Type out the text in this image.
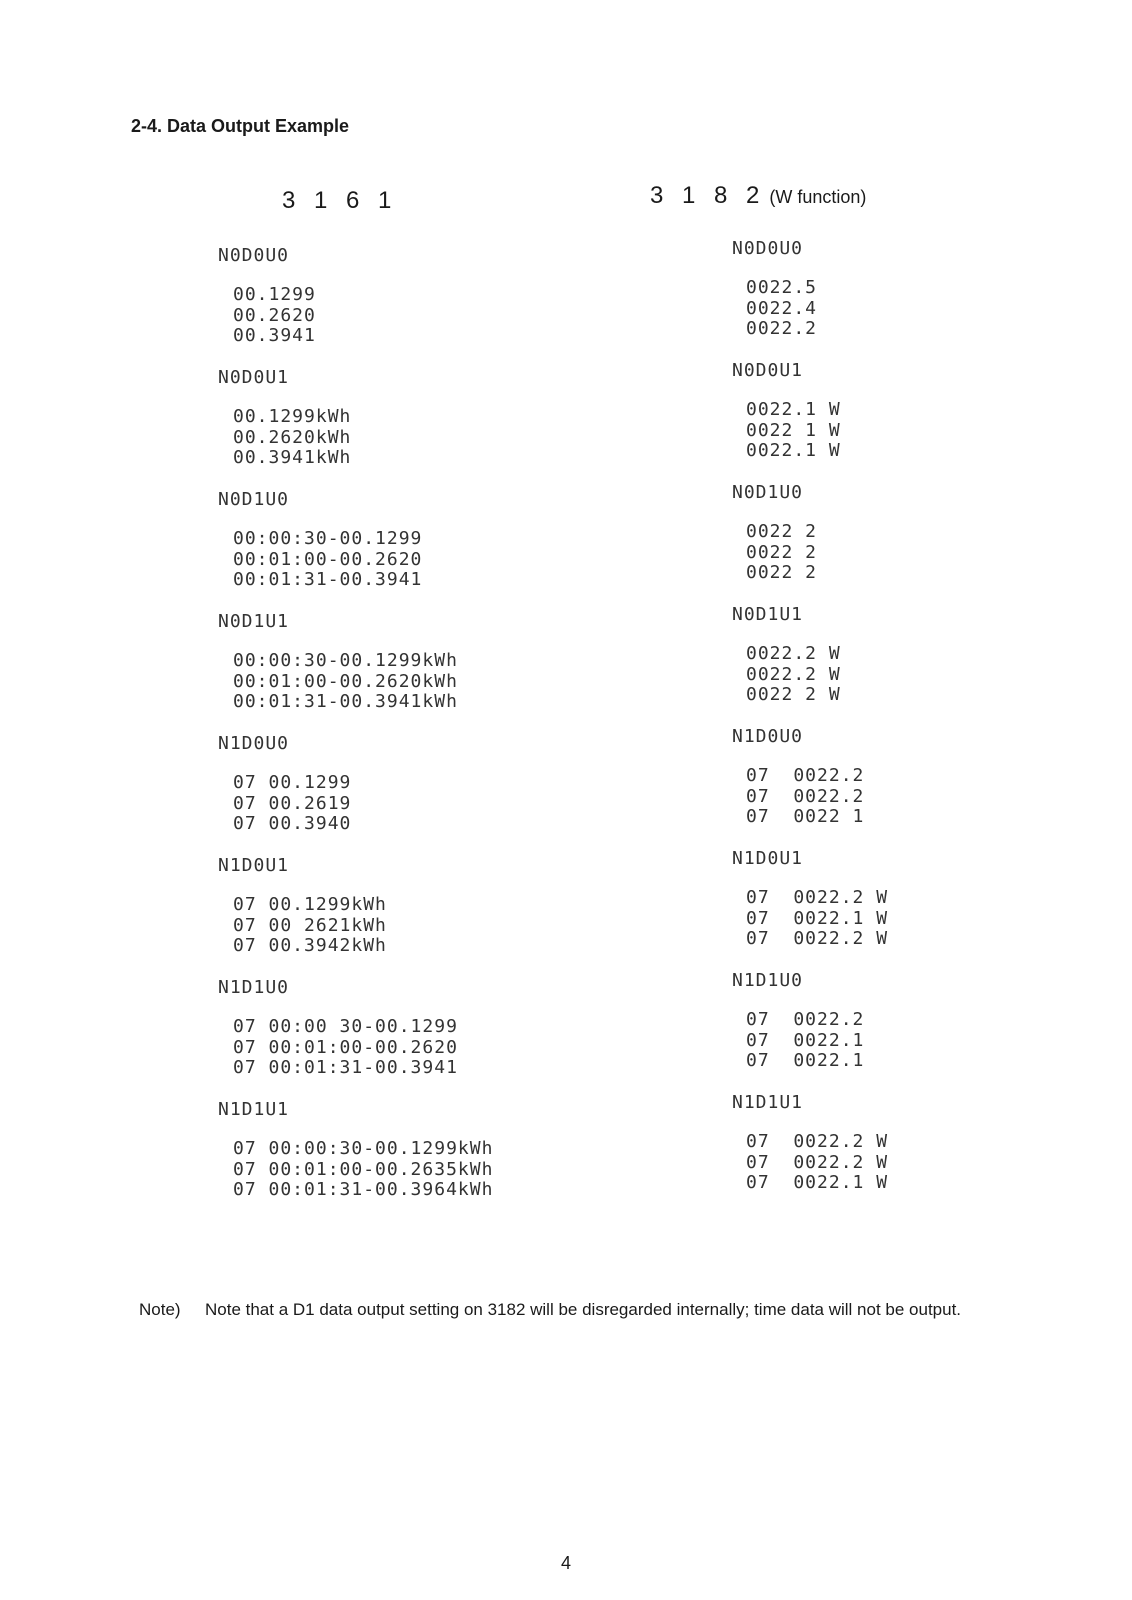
2-4. Data Output Example
3 1 6 1	3 1 8 2 (W function)
N0D0U0
00.1299
00.2620
00.3941
N0D0U1
00.1299kWh
00.2620kWh
00.3941kWh
N0D1U0
00:00:30-00.1299
00:01:00-00.2620
00:01:31-00.3941
N0D1U1
00:00:30-00.1299kWh
00:01:00-00.2620kWh
00:01:31-00.3941kWh
N1D0U0
07 00.1299
07 00.2619
07 00.3940
N1D0U1
07 00.1299kWh
07 00 2621kWh
07 00.3942kWh
N1D1U0
07 00:00 30-00.1299
07 00:01:00-00.2620
07 00:01:31-00.3941
N1D1U1
07 00:00:30-00.1299kWh
07 00:01:00-00.2635kWh
07 00:01:31-00.3964kWh
N0D0U0
0022.5
0022.4
0022.2
N0D0U1
0022.1 W
0022 1 W
0022.1 W
N0D1U0
0022 2
0022 2
0022 2
N0D1U1
0022.2 W
0022.2 W
0022 2 W
N1D0U0
07  0022.2
07  0022.2
07  0022 1
N1D0U1
07  0022.2 W
07  0022.1 W
07  0022.2 W
N1D1U0
07  0022.2
07  0022.1
07  0022.1
N1D1U1
07  0022.2 W
07  0022.2 W
07  0022.1 W
Note) Note that a D1 data output setting on 3182 will be disregarded internally; time data will not be output.
4
